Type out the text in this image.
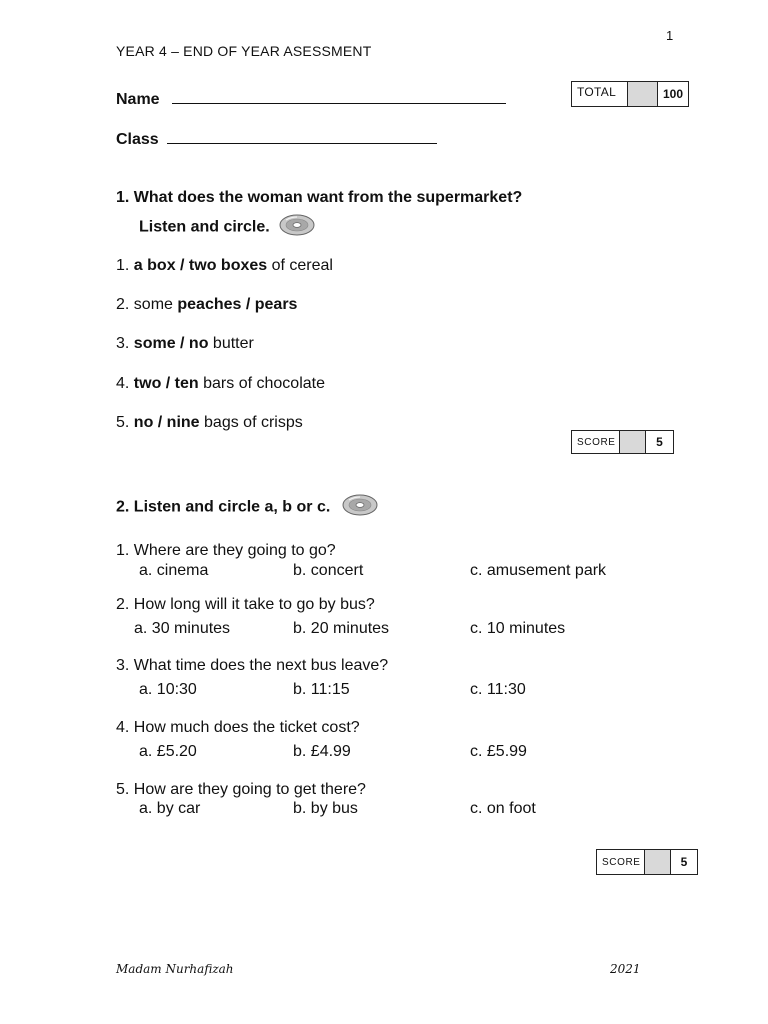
1
YEAR 4 – END OF YEAR ASESSMENT
Name
Class
TOTAL	100
1. What does the woman want from the supermarket?
Listen and circle.
1. a box / two boxes of cereal
2. some peaches / pears
3. some / no butter
4. two / ten bars of chocolate
5. no / nine bags of crisps
SCORE	5
2. Listen and circle a, b or c.
1. Where are they going to go?
a. cinema	b. concert	c. amusement park
2. How long will it take to go by bus?
a. 30 minutes	b. 20 minutes	c. 10 minutes
3. What time does the next bus leave?
a. 10:30	b. 11:15	c. 11:30
4. How much does the ticket cost?
a. £5.20	b. £4.99	c. £5.99
5. How are they going to get there?
a. by car	b. by bus	c. on foot
SCORE	5
Madam Nurhafizah	2021
